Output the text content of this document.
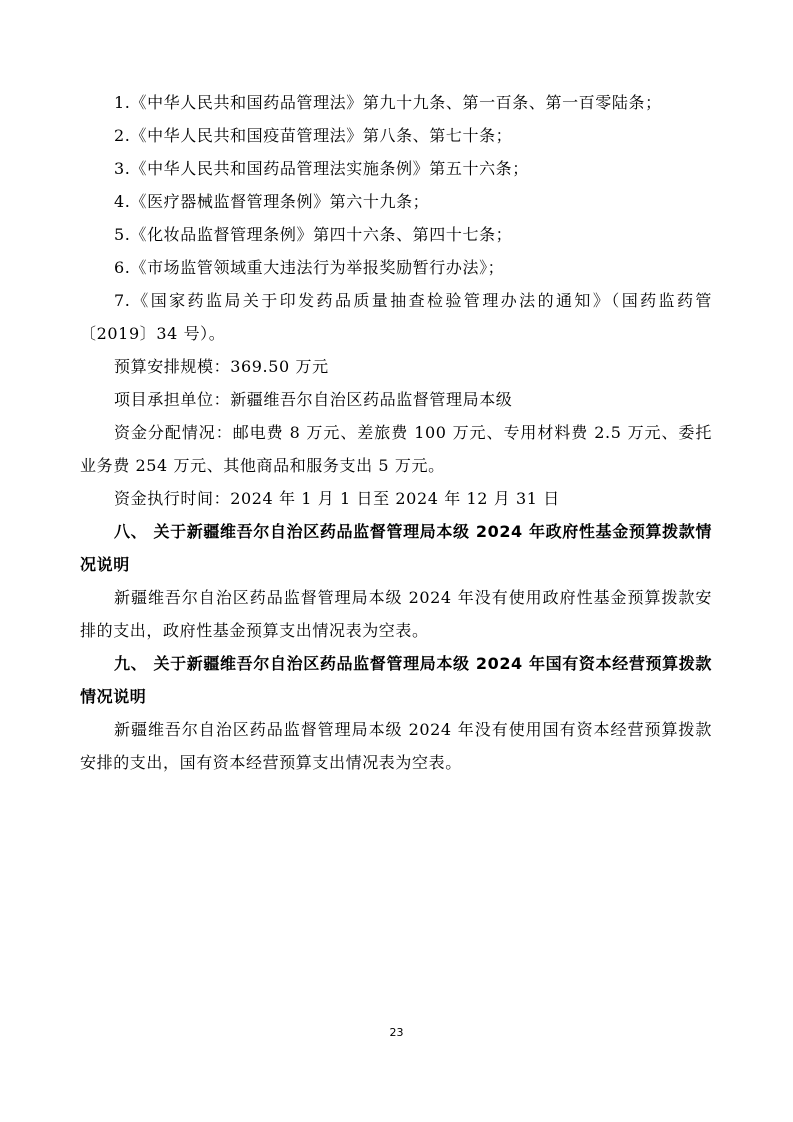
1.《中华人民共和国药品管理法》第九十九条、第一百条、第一百零陆条；

2.《中华人民共和国疫苗管理法》第八条、第七十条；

3.《中华人民共和国药品管理法实施条例》第五十六条；

4.《医疗器械监督管理条例》第六十九条；

5.《化妆品监督管理条例》第四十六条、第四十七条；

6.《市场监管领域重大违法行为举报奖励暂行办法》；

7.《国家药监局关于印发药品质量抽查检验管理办法的通知》（国药监药管〔2019〕34 号）。

预算安排规模：369.50 万元

项目承担单位：新疆维吾尔自治区药品监督管理局本级

资金分配情况：邮电费 8 万元、差旅费 100 万元、专用材料费 2.5 万元、委托业务费 254 万元、其他商品和服务支出 5 万元。

资金执行时间：2024 年 1 月 1 日至 2024 年 12 月 31 日

八、 关于新疆维吾尔自治区药品监督管理局本级 2024 年政府性基金预算拨款情况说明

新疆维吾尔自治区药品监督管理局本级 2024 年没有使用政府性基金预算拨款安排的支出，政府性基金预算支出情况表为空表。

九、 关于新疆维吾尔自治区药品监督管理局本级 2024 年国有资本经营预算拨款情况说明

新疆维吾尔自治区药品监督管理局本级 2024 年没有使用国有资本经营预算拨款安排的支出，国有资本经营预算支出情况表为空表。

23
